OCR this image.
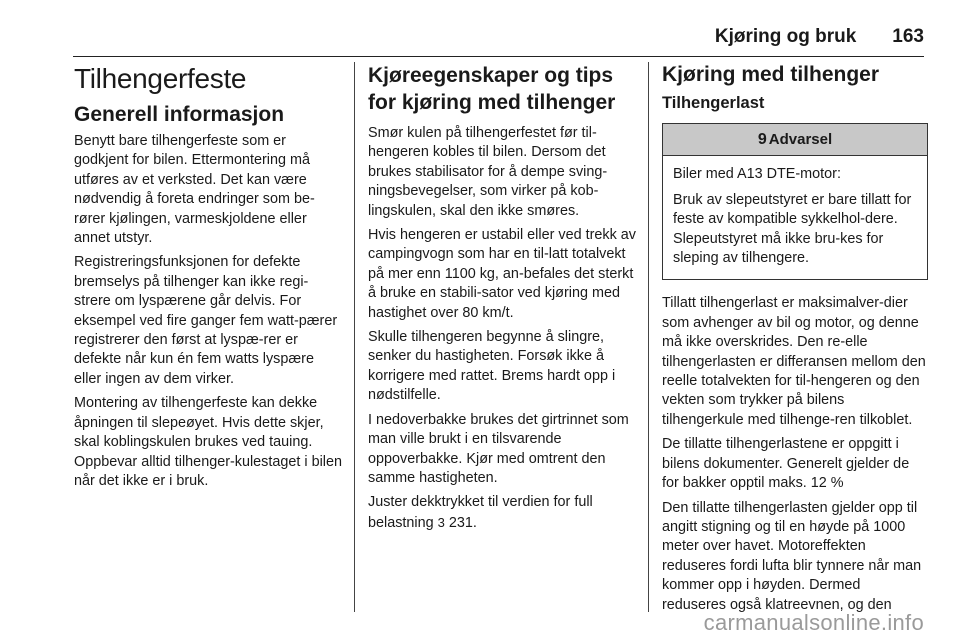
Kjøring og bruk 163
Tilhengerfeste
Generell informasjon

Benytt bare tilhengerfeste som er godkjent for bilen. Ettermontering må utføres av et verksted. Det kan være nødvendig å foreta endringer som be-rører kjølingen, varmeskjoldene eller annet utstyr.

Registreringsfunksjonen for defekte bremselys på tilhenger kan ikke regi-strere om lyspærene går delvis. For eksempel ved fire ganger fem watt-pærer registrerer den først at lyspæ-rer er defekte når kun én fem watts lyspære eller ingen av dem virker.

Montering av tilhengerfeste kan dekke åpningen til slepeøyet. Hvis dette skjer, skal koblingskulen brukes ved tauing. Oppbevar alltid tilhenger-kulestaget i bilen når det ikke er i bruk.

Kjøreegenskaper og tips for kjøring med tilhenger

Smør kulen på tilhengerfestet før til-hengeren kobles til bilen. Dersom det brukes stabilisator for å dempe sving-ningsbevegelser, som virker på kob-lingskulen, skal den ikke smøres.

Hvis hengeren er ustabil eller ved trekk av campingvogn som har en til-latt totalvekt på mer enn 1100 kg, an-befales det sterkt å bruke en stabili-sator ved kjøring med hastighet over 80 km/t.

Skulle tilhengeren begynne å slingre, senker du hastigheten. Forsøk ikke å korrigere med rattet. Brems hardt opp i nødstilfelle.

I nedoverbakke brukes det girtrinnet som man ville brukt i en tilsvarende oppoverbakke. Kjør med omtrent den samme hastigheten.

Juster dekktrykket til verdien for full belastning 3 231.

Kjøring med tilhenger
Tilhengerlast
9 Advarsel

Biler med A13 DTE-motor:

Bruk av slepeutstyret er bare tillatt for feste av kompatible sykkelhol-dere. Slepeutstyret må ikke bru-kes for sleping av tilhengere.

Tillatt tilhengerlast er maksimalver-dier som avhenger av bil og motor, og denne må ikke overskrides. Den re-elle tilhengerlasten er differansen mellom den reelle totalvekten for til-hengeren og den vekten som trykker på bilens tilhengerkule med tilhenge-ren tilkoblet.

De tillatte tilhengerlastene er oppgitt i bilens dokumenter. Generelt gjelder de for bakker opptil maks. 12 %

Den tillatte tilhengerlasten gjelder opp til angitt stigning og til en høyde på 1000 meter over havet. Motoreffekten reduseres fordi lufta blir tynnere når man kommer opp i høyden. Dermed reduseres også klatreevnen, og den

carmanualsonline.info
